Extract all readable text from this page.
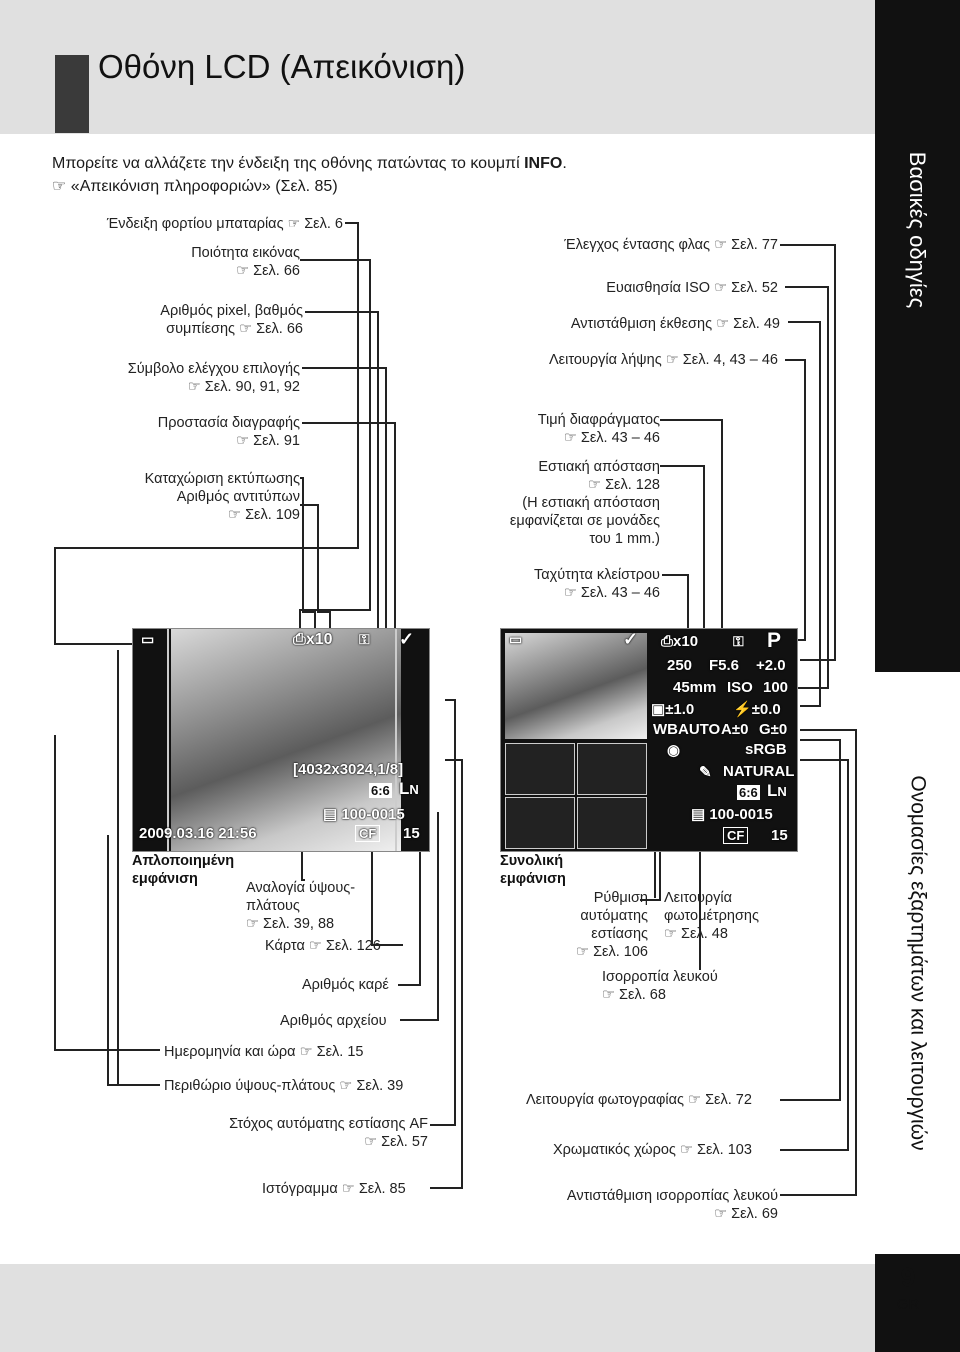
Οθόνη LCD (Απεικόνιση)
Μπορείτε να αλλάζετε την ένδειξη της οθόνης πατώντας το κουμπί INFO.
☞ «Απεικόνιση πληροφοριών» (Σελ. 85)	Βασικές οδηγίες
Ονομασίες εξαρτημάτων και λειτουργιών
9
GR
Ένδειξη φορτίου μπαταρίας ☞ Σελ. 6
Ποιότητα εικόνας
☞ Σελ. 66
Αριθμός pixel, βαθμός
συμπίεσης ☞ Σελ. 66
Σύμβολο ελέγχου επιλογής
☞ Σελ. 90, 91, 92
Προστασία διαγραφής
☞ Σελ. 91
Καταχώριση εκτύπωσης
Αριθμός αντιτύπων
☞ Σελ. 109
Έλεγχος έντασης φλας ☞ Σελ. 77
Ευαισθησία ISO ☞ Σελ. 52
Αντιστάθμιση έκθεσης ☞ Σελ. 49
Λειτουργία λήψης ☞ Σελ. 4, 43 – 46
Τιμή διαφράγματος
☞ Σελ. 43 – 46
Εστιακή απόσταση
☞ Σελ. 128
(Η εστιακή απόσταση
εμφανίζεται σε μονάδες
του 1 mm.)
Ταχύτητα κλείστρου
☞ Σελ. 43 – 46
▭	⎙x10 ⚿ ✓
[4032x3024,1/8]
6:6 LN
▤ 100-0015
2009.03.16 21:56	CF 15
Απλοποιημένη
εμφάνιση
Αναλογία ύψους-
πλάτους
☞ Σελ. 39, 88
Κάρτα ☞ Σελ. 126
Αριθμός καρέ
Αριθμός αρχείου
Ημερομηνία και ώρα ☞ Σελ. 15
Περιθώριο ύψους-πλάτους ☞ Σελ. 39
Στόχος αυτόματης εστίασης AF
☞ Σελ. 57
Ιστόγραμμα ☞ Σελ. 85
▭	✓ ⎙x10 ⚿ P
250 F5.6 +2.0
45mm ISO 100
▣±1.0	⚡±0.0
WBAUTO A±0 G±0
◉	sRGB
✎ NATURAL
6:6 LN
▤ 100-0015
CF 15
Συνολική
εμφάνιση
Ρύθμιση
αυτόματης
εστίασης
☞ Σελ. 106
Λειτουργία
φωτομέτρησης
☞ Σελ. 48
Ισορροπία λευκού
☞ Σελ. 68
Λειτουργία φωτογραφίας ☞ Σελ. 72
Χρωματικός χώρος ☞ Σελ. 103
Αντιστάθμιση ισορροπίας λευκού
☞ Σελ. 69
